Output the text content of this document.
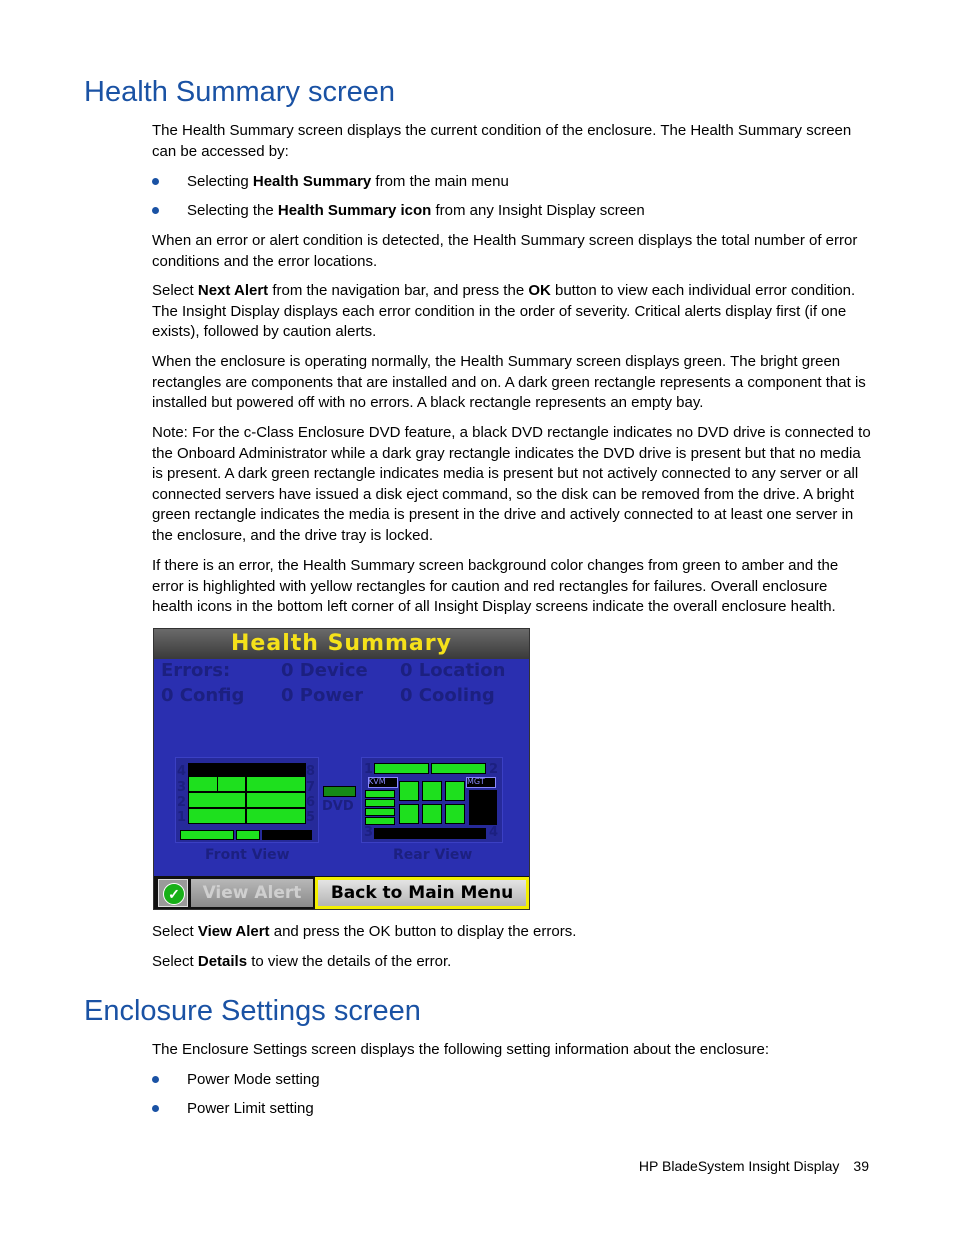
Health Summary screen

The Health Summary screen displays the current condition of the enclosure. The Health Summary screen can be accessed by:

Selecting Health Summary from the main menu
Selecting the Health Summary icon from any Insight Display screen

When an error or alert condition is detected, the Health Summary screen displays the total number of error conditions and the error locations.

Select Next Alert from the navigation bar, and press the OK button to view each individual error condition. The Insight Display displays each error condition in the order of severity. Critical alerts display first (if one exists), followed by caution alerts.

When the enclosure is operating normally, the Health Summary screen displays green. The bright green rectangles are components that are installed and on. A dark green rectangle represents a component that is installed but powered off with no errors. A black rectangle represents an empty bay.

Note: For the c-Class Enclosure DVD feature, a black DVD rectangle indicates no DVD drive is connected to the Onboard Administrator while a dark gray rectangle indicates the DVD drive is present but that no media is present. A dark green rectangle indicates media is present but not actively connected to any server or all connected servers have issued a disk eject command, so the disk can be removed from the drive. A bright green rectangle indicates the media is present in the drive and actively connected to at least one server in the enclosure, and the drive tray is locked.

If there is an error, the Health Summary screen background color changes from green to amber and the error is highlighted with yellow rectangles for caution and red rectangles for failures. Overall enclosure health icons in the bottom left corner of all Insight Display screens indicate the overall enclosure health.

Health Summary
Errors:	0 Device 0 Location
0 Config 0 Power 0 Cooling
4
3
2
1
8
7
6
5
DVD
1	2
3	4
KVM	MGT
Front View	Rear View
✓	View Alert	Back to Main Menu

Select View Alert and press the OK button to display the errors.

Select Details to view the details of the error.

Enclosure Settings screen

The Enclosure Settings screen displays the following setting information about the enclosure:

Power Mode setting
Power Limit setting
HP BladeSystem Insight Display 39
